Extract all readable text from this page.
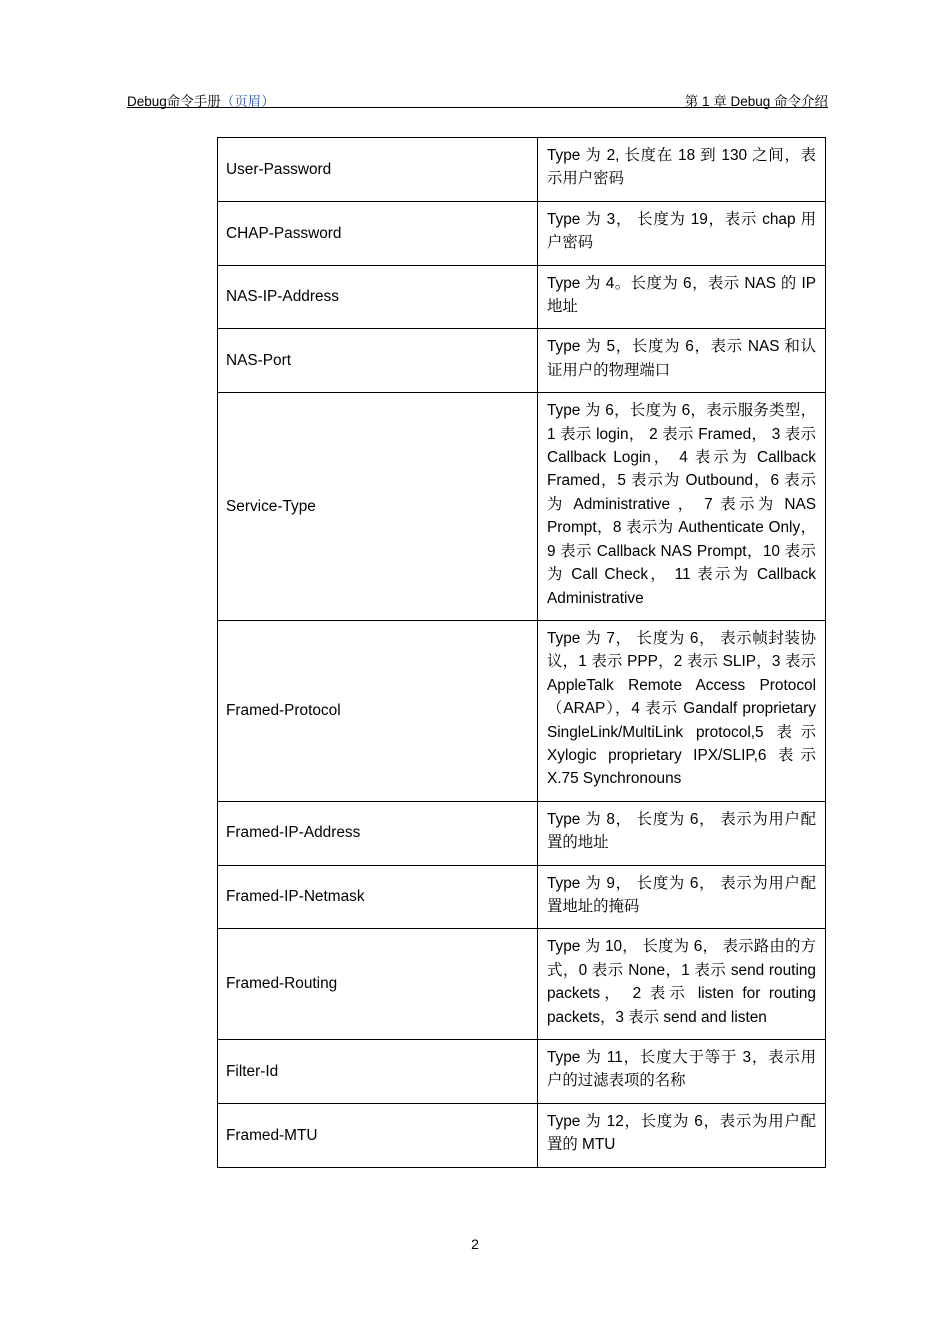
Debug命令手册（页眉）	第 1 章 Debug 命令介绍
User-Password	Type 为 2, 长度在 18 到 130 之间，表示用户密码
CHAP-Password	Type 为 3， 长度为 19，表示 chap 用户密码
NAS-IP-Address	Type 为 4。长度为 6，表示 NAS 的 IP 地址
NAS-Port	Type 为 5，长度为 6，表示 NAS 和认证用户的物理端口
Service-Type	Type 为 6，长度为 6，表示服务类型，1 表示 login， 2 表示 Framed， 3 表示 Callback Login， 4 表示为 Callback Framed，5 表示为 Outbound，6 表示为 Administrative ， 7 表示为 NAS Prompt，8 表示为 Authenticate Only，9 表示 Callback NAS Prompt，10 表示为 Call Check， 11 表示为 Callback Administrative
Framed-Protocol	Type 为 7， 长度为 6， 表示帧封装协议，1 表示 PPP，2 表示 SLIP，3 表示 AppleTalk Remote Access Protocol（ARAP），4 表示 Gandalf proprietary SingleLink/MultiLink protocol,5 表示 Xylogic proprietary IPX/SLIP,6 表示 X.75 Synchronouns
Framed-IP-Address	Type 为 8， 长度为 6， 表示为用户配置的地址
Framed-IP-Netmask	Type 为 9， 长度为 6， 表示为用户配置地址的掩码
Framed-Routing	Type 为 10， 长度为 6， 表示路由的方式，0 表示 None，1 表示 send routing packets， 2 表示 listen for routing packets，3 表示 send and listen
Filter-Id	Type 为 11，长度大于等于 3，表示用户的过滤表项的名称
Framed-MTU	Type 为 12，长度为 6，表示为用户配置的 MTU
2
